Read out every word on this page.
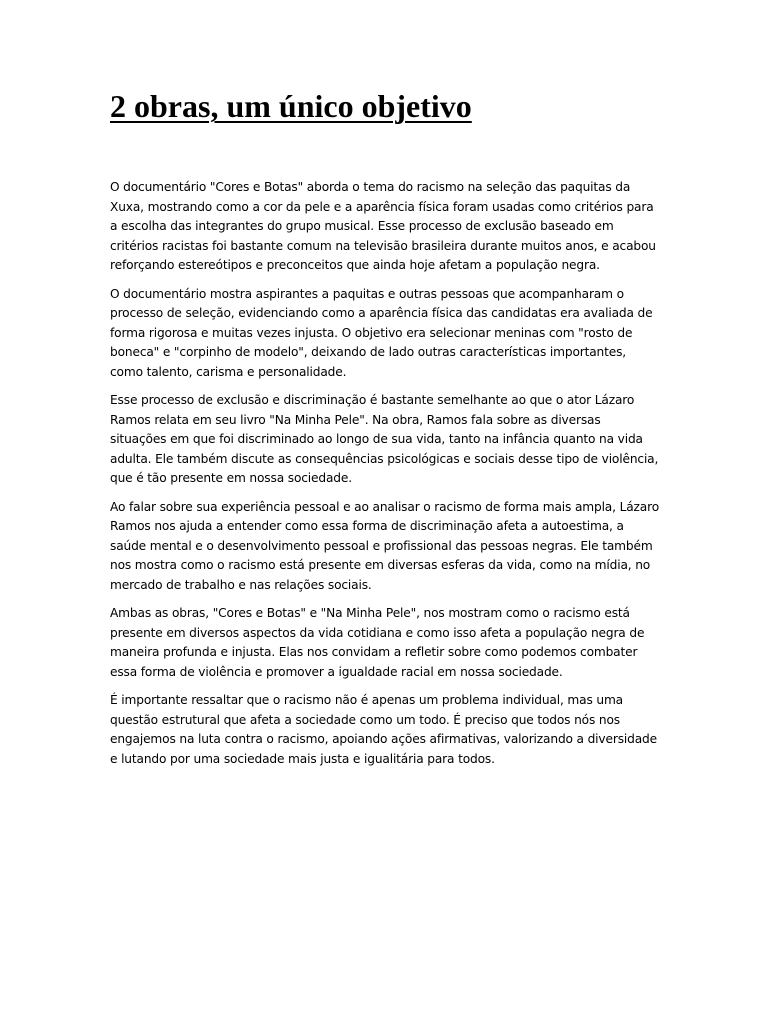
2 obras, um único objetivo

O documentário "Cores e Botas" aborda o tema do racismo na seleção das paquitas da Xuxa, mostrando como a cor da pele e a aparência física foram usadas como critérios para a escolha das integrantes do grupo musical. Esse processo de exclusão baseado em critérios racistas foi bastante comum na televisão brasileira durante muitos anos, e acabou reforçando estereótipos e preconceitos que ainda hoje afetam a população negra.

O documentário mostra aspirantes a paquitas e outras pessoas que acompanharam o processo de seleção, evidenciando como a aparência física das candidatas era avaliada de forma rigorosa e muitas vezes injusta. O objetivo era selecionar meninas com "rosto de boneca" e "corpinho de modelo", deixando de lado outras características importantes, como talento, carisma e personalidade.

Esse processo de exclusão e discriminação é bastante semelhante ao que o ator Lázaro Ramos relata em seu livro "Na Minha Pele". Na obra, Ramos fala sobre as diversas situações em que foi discriminado ao longo de sua vida, tanto na infância quanto na vida adulta. Ele também discute as consequências psicológicas e sociais desse tipo de violência, que é tão presente em nossa sociedade.

Ao falar sobre sua experiência pessoal e ao analisar o racismo de forma mais ampla, Lázaro Ramos nos ajuda a entender como essa forma de discriminação afeta a autoestima, a saúde mental e o desenvolvimento pessoal e profissional das pessoas negras. Ele também nos mostra como o racismo está presente em diversas esferas da vida, como na mídia, no mercado de trabalho e nas relações sociais.

Ambas as obras, "Cores e Botas" e "Na Minha Pele", nos mostram como o racismo está presente em diversos aspectos da vida cotidiana e como isso afeta a população negra de maneira profunda e injusta. Elas nos convidam a refletir sobre como podemos combater essa forma de violência e promover a igualdade racial em nossa sociedade.

É importante ressaltar que o racismo não é apenas um problema individual, mas uma questão estrutural que afeta a sociedade como um todo. É preciso que todos nós nos engajemos na luta contra o racismo, apoiando ações afirmativas, valorizando a diversidade e lutando por uma sociedade mais justa e igualitária para todos.
